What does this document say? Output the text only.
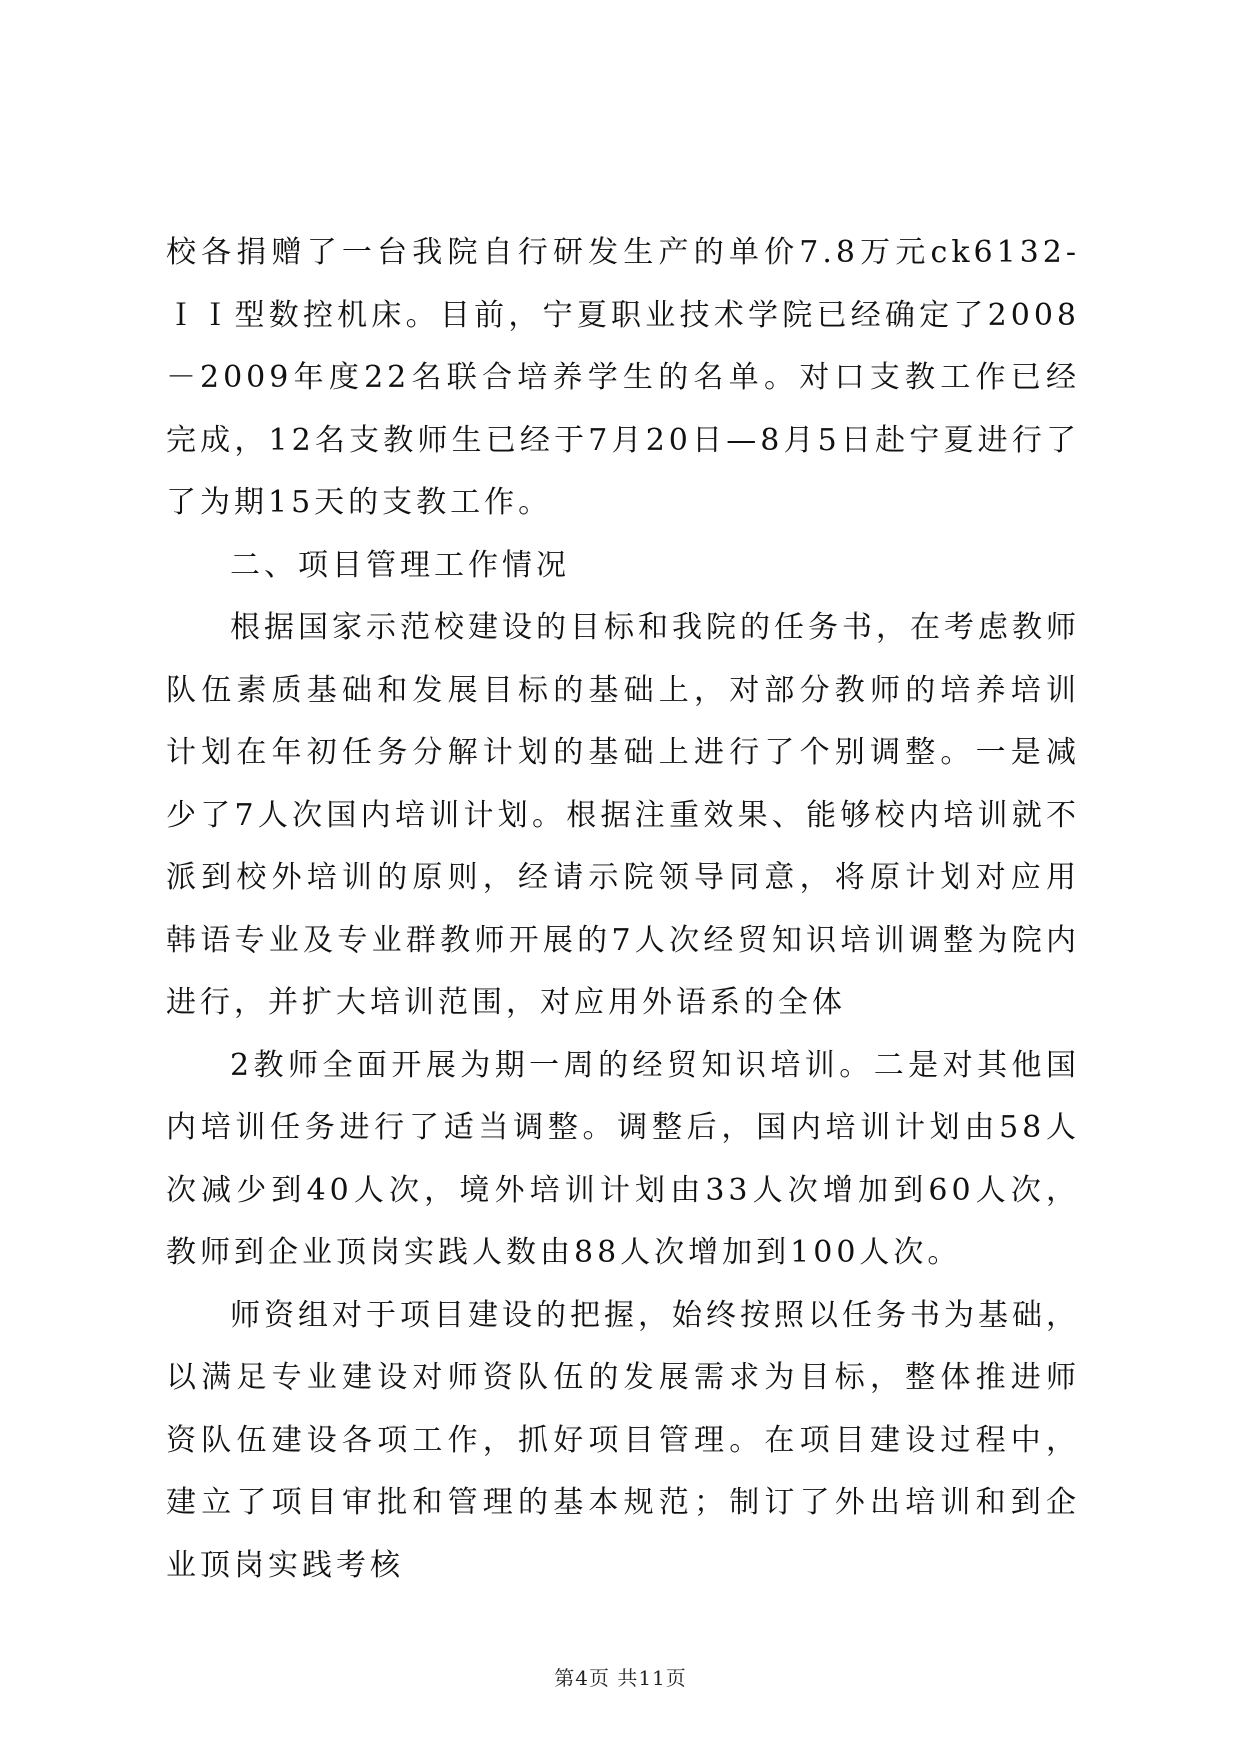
校各捐赠了一台我院自行研发生产的单价7.8万元ck6132-ＩＩ型数控机床。目前，宁夏职业技术学院已经确定了2008－2009年度22名联合培养学生的名单。对口支教工作已经完成，12名支教师生已经于7月20日—8月5日赴宁夏进行了了为期15天的支教工作。

二、项目管理工作情况

根据国家示范校建设的目标和我院的任务书，在考虑教师队伍素质基础和发展目标的基础上，对部分教师的培养培训计划在年初任务分解计划的基础上进行了个别调整。一是减少了7人次国内培训计划。根据注重效果、能够校内培训就不派到校外培训的原则，经请示院领导同意，将原计划对应用韩语专业及专业群教师开展的7人次经贸知识培训调整为院内进行，并扩大培训范围，对应用外语系的全体

2教师全面开展为期一周的经贸知识培训。二是对其他国内培训任务进行了适当调整。调整后，国内培训计划由58人次减少到40人次，境外培训计划由33人次增加到60人次，教师到企业顶岗实践人数由88人次增加到100人次。

师资组对于项目建设的把握，始终按照以任务书为基础，以满足专业建设对师资队伍的发展需求为目标，整体推进师资队伍建设各项工作，抓好项目管理。在项目建设过程中，建立了项目审批和管理的基本规范；制订了外出培训和到企业顶岗实践考核

第4页 共11页
